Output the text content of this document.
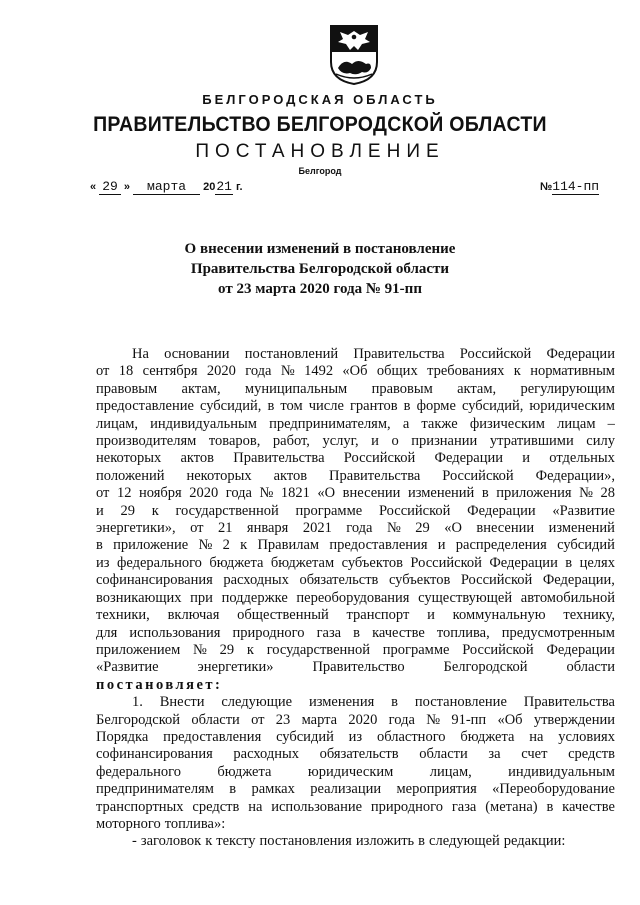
БЕЛГОРОДСКАЯ ОБЛАСТЬ
ПРАВИТЕЛЬСТВО БЕЛГОРОДСКОЙ ОБЛАСТИ
ПОСТАНОВЛЕНИЕ
Белгород
« 29 » марта 2021 г.	№114-пп
О внесении изменений в постановление
Правительства Белгородской области
от 23 марта 2020 года № 91-пп
На основании постановлений Правительства Российской Федерации
от 18 сентября 2020 года № 1492 «Об общих требованиях к нормативным
правовым актам, муниципальным правовым актам, регулирующим
предоставление субсидий, в том числе грантов в форме субсидий, юридическим
лицам, индивидуальным предпринимателям, а также физическим лицам –
производителям товаров, работ, услуг, и о признании утратившими силу
некоторых актов Правительства Российской Федерации и отдельных
положений некоторых актов Правительства Российской Федерации»,
от 12 ноября 2020 года № 1821 «О внесении изменений в приложения № 28
и 29 к государственной программе Российской Федерации «Развитие
энергетики», от 21 января 2021 года № 29 «О внесении изменений
в приложение № 2 к Правилам предоставления и распределения субсидий
из федерального бюджета бюджетам субъектов Российской Федерации в целях
софинансирования расходных обязательств субъектов Российской Федерации,
возникающих при поддержке переоборудования существующей автомобильной
техники, включая общественный транспорт и коммунальную технику,
для использования природного газа в качестве топлива, предусмотренным
приложением № 29 к государственной программе Российской Федерации
«Развитие	энергетики»	Правительство	Белгородской	области
постановляет:
1. Внести следующие изменения в постановление Правительства
Белгородской области от 23 марта 2020 года № 91-пп «Об утверждении
Порядка предоставления субсидий из областного бюджета на условиях
софинансирования расходных обязательств области за счет средств
федерального	бюджета	юридическим	лицам,	индивидуальным
предпринимателям в рамках реализации мероприятия «Переоборудование
транспортных средств на использование природного газа (метана) в качестве
моторного топлива»:
- заголовок к тексту постановления изложить в следующей редакции:
